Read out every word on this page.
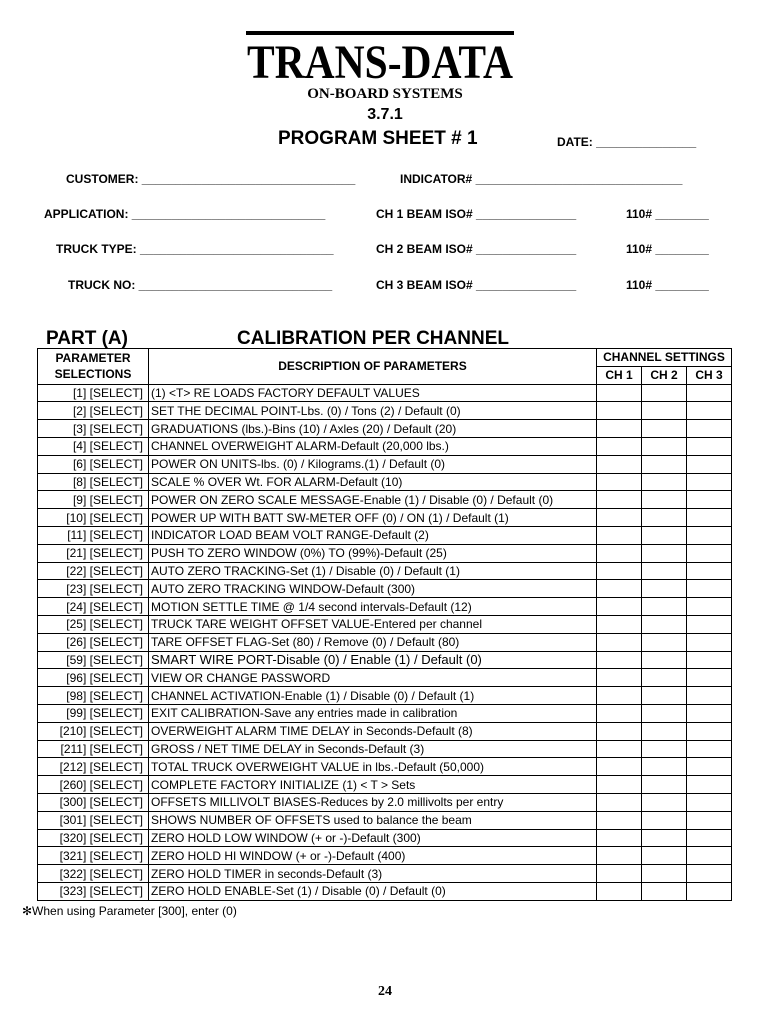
TRANS-DATA
ON-BOARD SYSTEMS
3.7.1
PROGRAM SHEET # 1	DATE: _______________
CUSTOMER: ________________________________	INDICATOR# _______________________________
APPLICATION: _____________________________	CH 1 BEAM ISO# _______________	110# ________
TRUCK TYPE: _____________________________	CH 2 BEAM ISO# _______________	110# ________
TRUCK NO: _____________________________	CH 3 BEAM ISO# _______________	110# ________
PART (A)	CALIBRATION PER CHANNEL
PARAMETER
SELECTIONS	DESCRIPTION OF PARAMETERS	CHANNEL SETTINGS		
		CH 1	CH 2	CH 3
[1] [SELECT]	(1) <T> RE LOADS FACTORY DEFAULT VALUES			
[2] [SELECT]	SET THE DECIMAL POINT-Lbs. (0) / Tons (2) / Default (0)			
[3] [SELECT]	GRADUATIONS (lbs.)-Bins (10) / Axles (20) / Default (20)			
[4] [SELECT]	CHANNEL OVERWEIGHT ALARM-Default (20,000 lbs.)			
[6] [SELECT]	POWER ON UNITS-lbs. (0) / Kilograms.(1) / Default (0)			
[8] [SELECT]	SCALE % OVER Wt. FOR ALARM-Default (10)			
[9] [SELECT]	POWER ON ZERO SCALE MESSAGE-Enable (1) / Disable (0) / Default (0)			
[10] [SELECT]	POWER UP WITH BATT SW-METER OFF (0) / ON (1) / Default (1)			
[11] [SELECT]	INDICATOR LOAD BEAM VOLT RANGE-Default (2)			
[21] [SELECT]	PUSH TO ZERO WINDOW (0%) TO (99%)-Default (25)			
[22] [SELECT]	AUTO ZERO TRACKING-Set (1) / Disable (0) / Default (1)			
[23] [SELECT]	AUTO ZERO TRACKING WINDOW-Default (300)			
[24] [SELECT]	MOTION SETTLE TIME @ 1/4 second intervals-Default (12)			
[25] [SELECT]	TRUCK TARE WEIGHT OFFSET VALUE-Entered per channel			
[26] [SELECT]	TARE OFFSET FLAG-Set (80) / Remove (0) / Default (80)			
[59] [SELECT]	SMART WIRE PORT-Disable (0) / Enable (1) / Default (0)			
[96] [SELECT]	VIEW OR CHANGE PASSWORD			
[98] [SELECT]	CHANNEL ACTIVATION-Enable (1) / Disable (0) / Default (1)			
[99] [SELECT]	EXIT CALIBRATION-Save any entries made in calibration			
[210] [SELECT]	OVERWEIGHT ALARM TIME DELAY in Seconds-Default (8)			
[211] [SELECT]	GROSS / NET TIME DELAY in Seconds-Default (3)			
[212] [SELECT]	TOTAL TRUCK OVERWEIGHT VALUE in lbs.-Default (50,000)			
[260] [SELECT]	COMPLETE FACTORY INITIALIZE (1) < T > Sets			
[300] [SELECT]	OFFSETS MILLIVOLT BIASES-Reduces by 2.0 millivolts per entry			
[301] [SELECT]	SHOWS NUMBER OF OFFSETS used to balance the beam			
[320] [SELECT]	ZERO HOLD LOW WINDOW (+ or -)-Default (300)			
[321] [SELECT]	ZERO HOLD HI WINDOW (+ or -)-Default (400)			
[322] [SELECT]	ZERO HOLD TIMER in seconds-Default (3)			
[323] [SELECT]	ZERO HOLD ENABLE-Set (1) / Disable (0) / Default (0)			
✻When using Parameter [300], enter (0)
24
